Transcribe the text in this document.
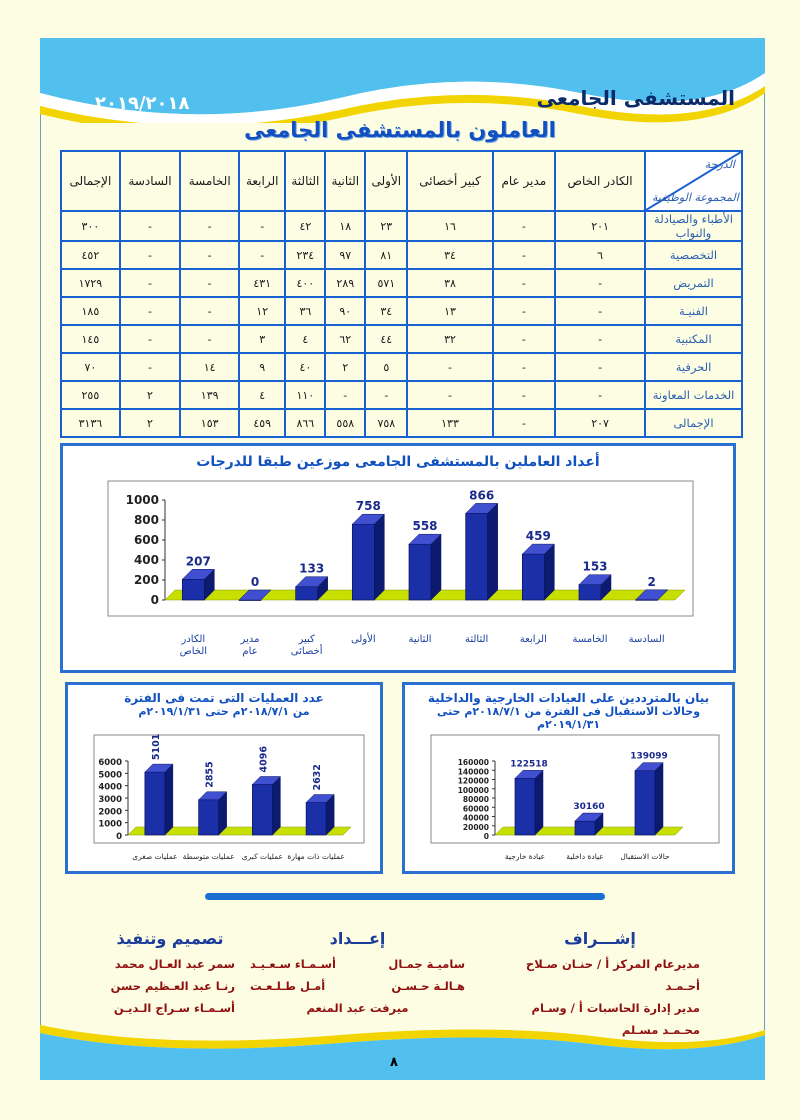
المستشفى الجامعى
٢٠١٩/٢٠١٨
العاملون بالمستشفى الجامعى
الدرجة
المجموعة الوظيفية	الكادر الخاص	مدير عام	كبير أخصائى	الأولى	الثانية	الثالثة	الرابعة	الخامسة	السادسة	الإجمالى
الأطباء والصيادلة والنواب	٢٠١	-	١٦	٢٣	١٨	٤٢	-	-	-	٣٠٠
التخصصية	٦	-	٣٤	٨١	٩٧	٢٣٤	-	-	-	٤٥٢
التمريض	-	-	٣٨	٥٧١	٢٨٩	٤٠٠	٤٣١	-	-	١٧٢٩
الفنيـة	-	-	١٣	٣٤	٩٠	٣٦	١٢	-	-	١٨٥
المكتبية	-	-	٣٢	٤٤	٦٢	٤	٣	-	-	١٤٥
الحرفية	-	-	-	٥	٢	٤٠	٩	١٤	-	٧٠
الخدمات المعاونة	-	-	-	-	-	١١٠	٤	١٣٩	٢	٢٥٥
الإجمالى	٢٠٧	-	١٣٣	٧٥٨	٥٥٨	٨٦٦	٤٥٩	١٥٣	٢	٣١٣٦
أعداد العاملين بالمستشفى الجامعى موزعين طبقا للدرجات
0
200
400
600
800
1000
207
الكادر الخاص
0
مدير عام
133
كبير أخصائى
758
الأولى
558
الثانية
866
الثالثة
459
الرابعة
153
الخامسة
2
السادسة
عدد العمليات التى تمت فى الفترة
من ٢٠١٨/٧/١م حتى ٢٠١٩/١/٣١م
0
1000
2000
3000
4000
5000
6000
5101
عمليات صغرى
2855
عمليات متوسطة
4096
عمليات كبرى
2632
عمليات ذات مهارة
بيان بالمترددين على العيادات الخارجية والداخلية
وحالات الاستقبال فى الفترة من ٢٠١٨/٧/١م حتى ٢٠١٩/١/٣١م
0
20000
40000
60000
80000
100000
120000
140000
160000 122518
عيادة خارجية
30160
عيادة داخلية
139099
حالات الاستقبال
إشـــراف
مديرعام المركز أ / حنـان صـلاح أحـمـد
مدير إدارة الحاسبات أ / وسـام محـمـد مسـلم
إعـــداد
ساميـة جمـال
أسـمـاء سـعـيـد
هـالـة حـسـن
أمـل طـلـعـت
ميرفت عبد المنعم
تصميم وتنفيذ
سمر عبد العـال محمد
رنـا عبد العـظيم حسن
أسـمـاء سـراج الـديـن
٨
